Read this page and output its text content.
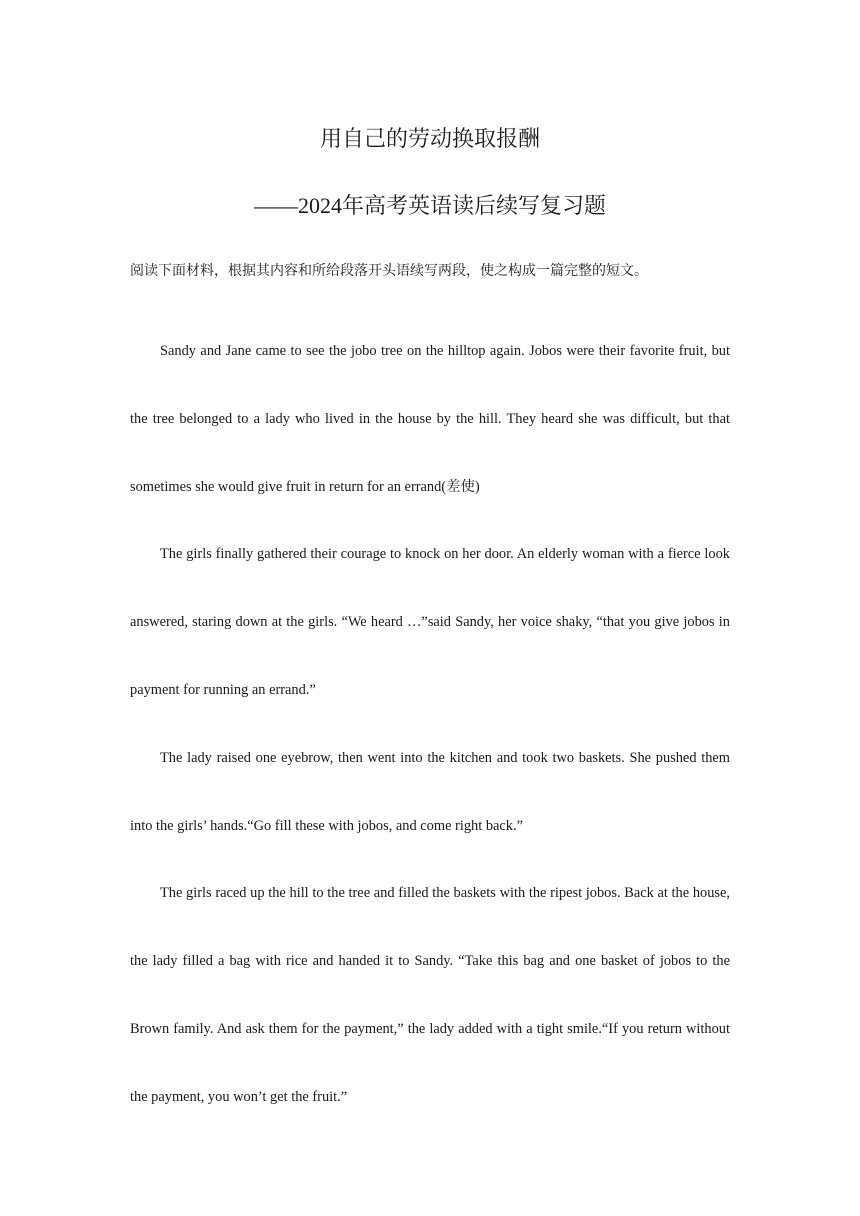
用自己的劳动换取报酬
——2024年高考英语读后续写复习题

阅读下面材料，根据其内容和所给段落开头语续写两段，使之构成一篇完整的短文。

Sandy and Jane came to see the jobo tree on the hilltop again. Jobos were their favorite fruit, but the tree belonged to a lady who lived in the house by the hill. They heard she was difficult, but that sometimes she would give fruit in return for an errand(差使)

The girls finally gathered their courage to knock on her door. An elderly woman with a fierce look answered, staring down at the girls. “We heard …”said Sandy, her voice shaky, “that you give jobos in payment for running an errand.”

The lady raised one eyebrow, then went into the kitchen and took two baskets. She pushed them into the girls’ hands.“Go fill these with jobos, and come right back.”

The girls raced up the hill to the tree and filled the baskets with the ripest jobos. Back at the house, the lady filled a bag with rice and handed it to Sandy. “Take this bag and one basket of jobos to the Brown family. And ask them for the payment,” the lady added with a tight smile.“If you return without the payment, you won’t get the fruit.”
